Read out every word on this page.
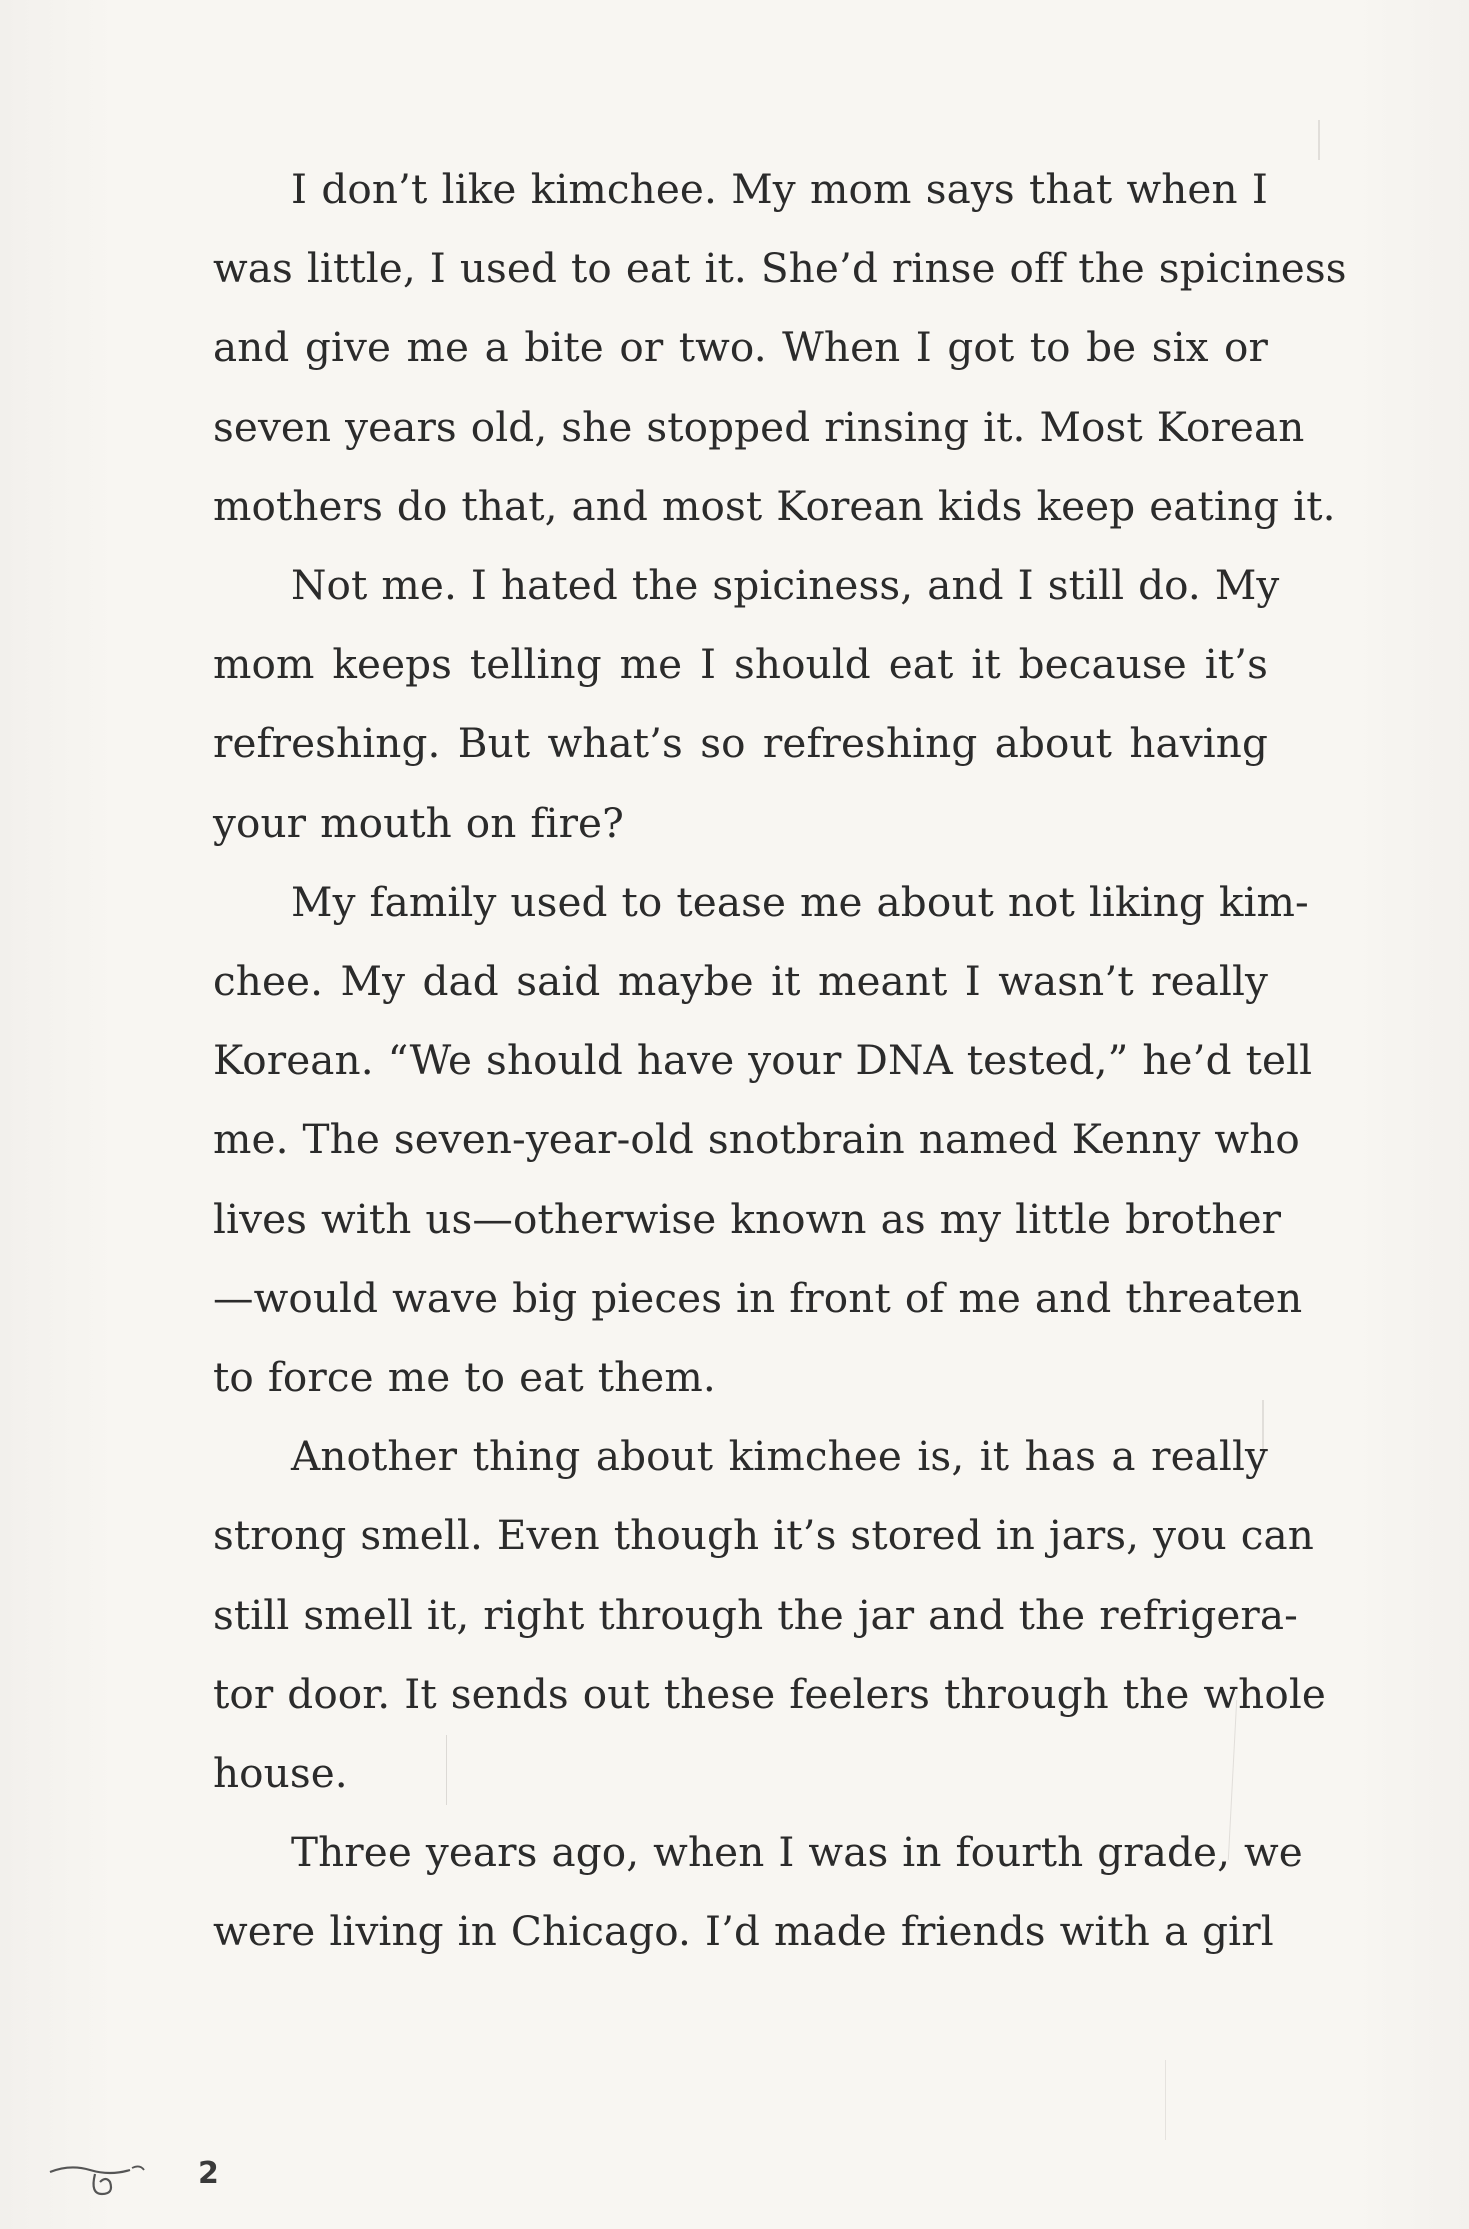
I don’t like kimchee. My mom says that when I
was little, I used to eat it. She’d rinse off the spiciness
and give me a bite or two. When I got to be six or
seven years old, she stopped rinsing it. Most Korean
mothers do that, and most Korean kids keep eating it.

Not me. I hated the spiciness, and I still do. My
mom keeps telling me I should eat it because it’s
refreshing. But what’s so refreshing about having
your mouth on fire?

My family used to tease me about not liking kim-
chee. My dad said maybe it meant I wasn’t really
Korean. “We should have your DNA tested,” he’d tell
me. The seven-year-old snotbrain named Kenny who
lives with us—otherwise known as my little brother
—would wave big pieces in front of me and threaten
to force me to eat them.

Another thing about kimchee is, it has a really
strong smell. Even though it’s stored in jars, you can
still smell it, right through the jar and the refrigera-
tor door. It sends out these feelers through the whole
house.

Three years ago, when I was in fourth grade, we
were living in Chicago. I’d made friends with a girl

2
